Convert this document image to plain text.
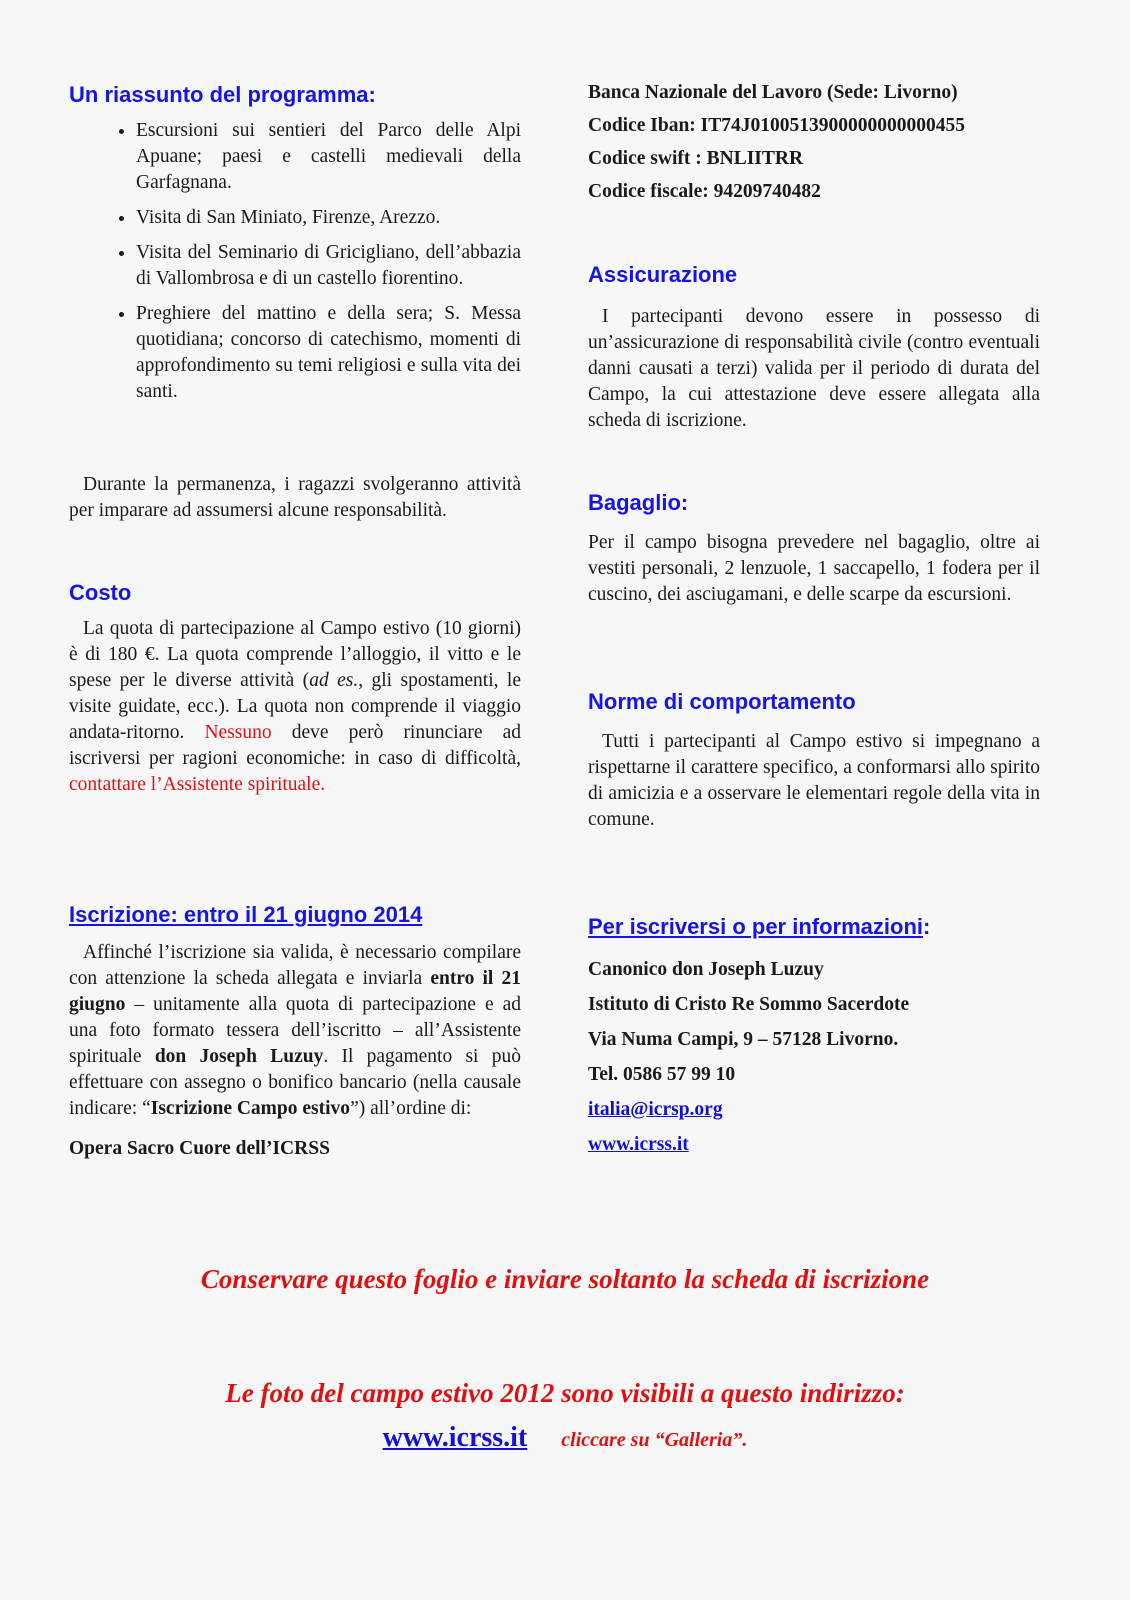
Un riassunto del programma:
• Escursioni sui sentieri del Parco delle Alpi Apuane; paesi e castelli medievali della Garfagnana.
• Visita di San Miniato, Firenze, Arezzo.
• Visita del Seminario di Gricigliano, dell’abbazia di Vallombrosa e di un castello fiorentino.
• Preghiere del mattino e della sera; S. Messa quotidiana; concorso di catechismo, momenti di approfondimento su temi religiosi e sulla vita dei santi.

Durante la permanenza, i ragazzi svolgeranno attività per imparare ad assumersi alcune responsabilità.

Costo

La quota di partecipazione al Campo estivo (10 giorni) è di 180 €. La quota comprende l’alloggio, il vitto e le spese per le diverse attività (ad es., gli spostamenti, le visite guidate, ecc.). La quota non comprende il viaggio andata-ritorno. Nessuno deve però rinunciare ad iscriversi per ragioni economiche: in caso di difficoltà, contattare l’Assistente spirituale.

Iscrizione: entro il 21 giugno 2014

Affinché l’iscrizione sia valida, è necessario compilare con attenzione la scheda allegata e inviarla entro il 21 giugno – unitamente alla quota di partecipazione e ad una foto formato tessera dell’iscritto – all’Assistente spirituale don Joseph Luzuy. Il pagamento si può effettuare con assegno o bonifico bancario (nella causale indicare: “Iscrizione Campo estivo”) all’ordine di:

Opera Sacro Cuore dell’ICRSS

Banca Nazionale del Lavoro (Sede: Livorno)

Codice Iban: IT74J0100513900000000000455

Codice swift : BNLIITRR

Codice fiscale: 94209740482

Assicurazione

I partecipanti devono essere in possesso di un’assicurazione di responsabilità civile (contro eventuali danni causati a terzi) valida per il periodo di durata del Campo, la cui attestazione deve essere allegata alla scheda di iscrizione.

Bagaglio:

Per il campo bisogna prevedere nel bagaglio, oltre ai vestiti personali, 2 lenzuole, 1 saccapello, 1 fodera per il cuscino, dei asciugamani, e delle scarpe da escursioni.

Norme di comportamento

Tutti i partecipanti al Campo estivo si impegnano a rispettarne il carattere specifico, a conformarsi allo spirito di amicizia e a osservare le elementari regole della vita in comune.

Per iscriversi o per informazioni:

Canonico don Joseph Luzuy

Istituto di Cristo Re Sommo Sacerdote

Via Numa Campi, 9 – 57128 Livorno.

Tel. 0586 57 99 10

italia@icrsp.org

www.icrss.it

Conservare questo foglio e inviare soltanto la scheda di iscrizione
Le foto del campo estivo 2012 sono visibili a questo indirizzo:
www.icrss.it cliccare su “Galleria”.
